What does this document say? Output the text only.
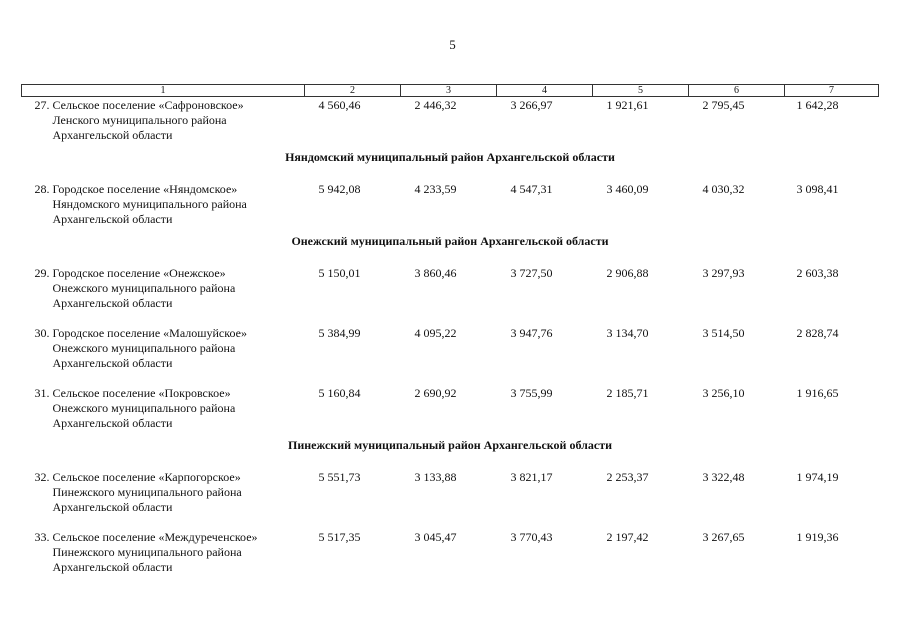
5
1	2	3	4	5	6	7

27. Сельское поселение «Сафроновское»
Ленского муниципального района
Архангельской области	4 560,46	2 446,32	3 266,97	1 921,61	2 795,45	1 642,28
Няндомский муниципальный район Архангельской области						

28. Городское поселение «Няндомское»
Няндомского муниципального района
Архангельской области	5 942,08	4 233,59	4 547,31	3 460,09	4 030,32	3 098,41
Онежский муниципальный район Архангельской области						

29. Городское поселение «Онежское»
Онежского муниципального района
Архангельской области	5 150,01	3 860,46	3 727,50	2 906,88	3 297,93	2 603,38

30. Городское поселение «Малошуйское»
Онежского муниципального района
Архангельской области	5 384,99	4 095,22	3 947,76	3 134,70	3 514,50	2 828,74

31. Сельское поселение «Покровское»
Онежского муниципального района
Архангельской области	5 160,84	2 690,92	3 755,99	2 185,71	3 256,10	1 916,65
Пинежский муниципальный район Архангельской области						

32. Сельское поселение «Карпогорское»
Пинежского муниципального района
Архангельской области	5 551,73	3 133,88	3 821,17	2 253,37	3 322,48	1 974,19

33. Сельское поселение «Междуреченское»
Пинежского муниципального района
Архангельской области	5 517,35	3 045,47	3 770,43	2 197,42	3 267,65	1 919,36
